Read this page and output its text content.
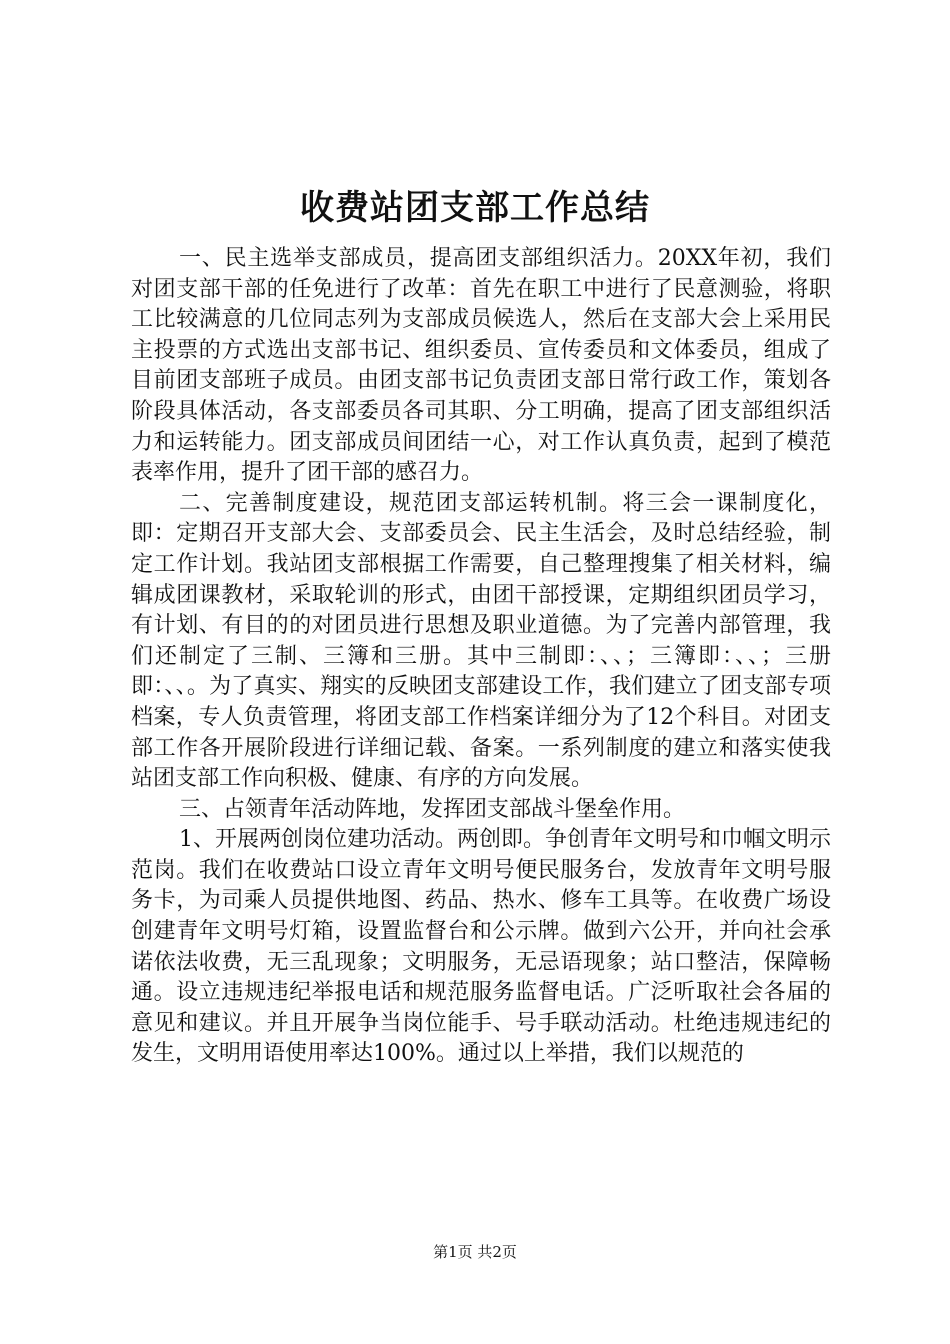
收费站团支部工作总结

一、民主选举支部成员，提高团支部组织活力。20XX年初，我们对团支部干部的任免进行了改革：首先在职工中进行了民意测验，将职工比较满意的几位同志列为支部成员候选人，然后在支部大会上采用民主投票的方式选出支部书记、组织委员、宣传委员和文体委员，组成了目前团支部班子成员。由团支部书记负责团支部日常行政工作，策划各阶段具体活动，各支部委员各司其职、分工明确，提高了团支部组织活力和运转能力。团支部成员间团结一心，对工作认真负责，起到了模范表率作用，提升了团干部的感召力。

二、完善制度建设，规范团支部运转机制。将三会一课制度化，即：定期召开支部大会、支部委员会、民主生活会，及时总结经验，制定工作计划。我站团支部根据工作需要，自己整理搜集了相关材料，编辑成团课教材，采取轮训的形式，由团干部授课，定期组织团员学习，有计划、有目的的对团员进行思想及职业道德。为了完善内部管理，我们还制定了三制、三簿和三册。其中三制即：、、；三簿即：、、；三册即：、、。为了真实、翔实的反映团支部建设工作，我们建立了团支部专项档案，专人负责管理，将团支部工作档案详细分为了12个科目。对团支部工作各开展阶段进行详细记载、备案。一系列制度的建立和落实使我站团支部工作向积极、健康、有序的方向发展。

三、占领青年活动阵地，发挥团支部战斗堡垒作用。

1、开展两创岗位建功活动。两创即。争创青年文明号和巾帼文明示范岗。我们在收费站口设立青年文明号便民服务台，发放青年文明号服务卡，为司乘人员提供地图、药品、热水、修车工具等。在收费广场设创建青年文明号灯箱，设置监督台和公示牌。做到六公开，并向社会承诺依法收费，无三乱现象；文明服务，无忌语现象；站口整洁，保障畅通。设立违规违纪举报电话和规范服务监督电话。广泛听取社会各届的意见和建议。并且开展争当岗位能手、号手联动活动。杜绝违规违纪的发生，文明用语使用率达100%。通过以上举措，我们以规范的

第1页 共2页
